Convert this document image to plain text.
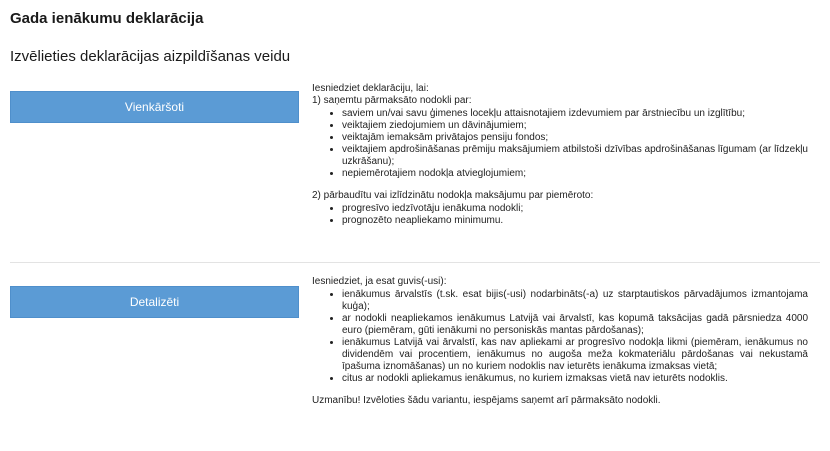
Gada ienākumu deklarācija
Izvēlieties deklarācijas aizpildīšanas veidu
Vienkāršoti

Iesniedziet deklarāciju, lai:

1) saņemtu pārmaksāto nodokli par:

• saviem un/vai savu ģimenes locekļu attaisnotajiem izdevumiem par ārstniecību un izglītību;
• veiktajiem ziedojumiem un dāvinājumiem;
• veiktajām iemaksām privātajos pensiju fondos;
• veiktajiem apdrošināšanas prēmiju maksājumiem atbilstoši dzīvības apdrošināšanas līgumam (ar līdzekļu uzkrāšanu);
• nepiemērotajiem nodokļa atvieglojumiem;

2) pārbaudītu vai izlīdzinātu nodokļa maksājumu par piemēroto:

• progresīvo iedzīvotāju ienākuma nodokli;
• prognozēto neapliekamo minimumu.
Detalizēti

Iesniedziet, ja esat guvis(-usi):

• ienākumus ārvalstīs (t.sk. esat bijis(-usi) nodarbināts(-a) uz starptautiskos pārvadājumos izmantojama kuģa);
• ar nodokli neapliekamos ienākumus Latvijā vai ārvalstī, kas kopumā taksācijas gadā pārsniedza 4000 euro (piemēram, gūti ienākumi no personiskās mantas pārdošanas);
• ienākumus Latvijā vai ārvalstī, kas nav apliekami ar progresīvo nodokļa likmi (piemēram, ienākumus no dividendēm vai procentiem, ienākumus no augoša meža kokmateriālu pārdošanas vai nekustamā īpašuma iznomāšanas) un no kuriem nodoklis nav ieturēts ienākuma izmaksas vietā;
• citus ar nodokli apliekamus ienākumus, no kuriem izmaksas vietā nav ieturēts nodoklis.

Uzmanību! Izvēloties šādu variantu, iespējams saņemt arī pārmaksāto nodokli.
